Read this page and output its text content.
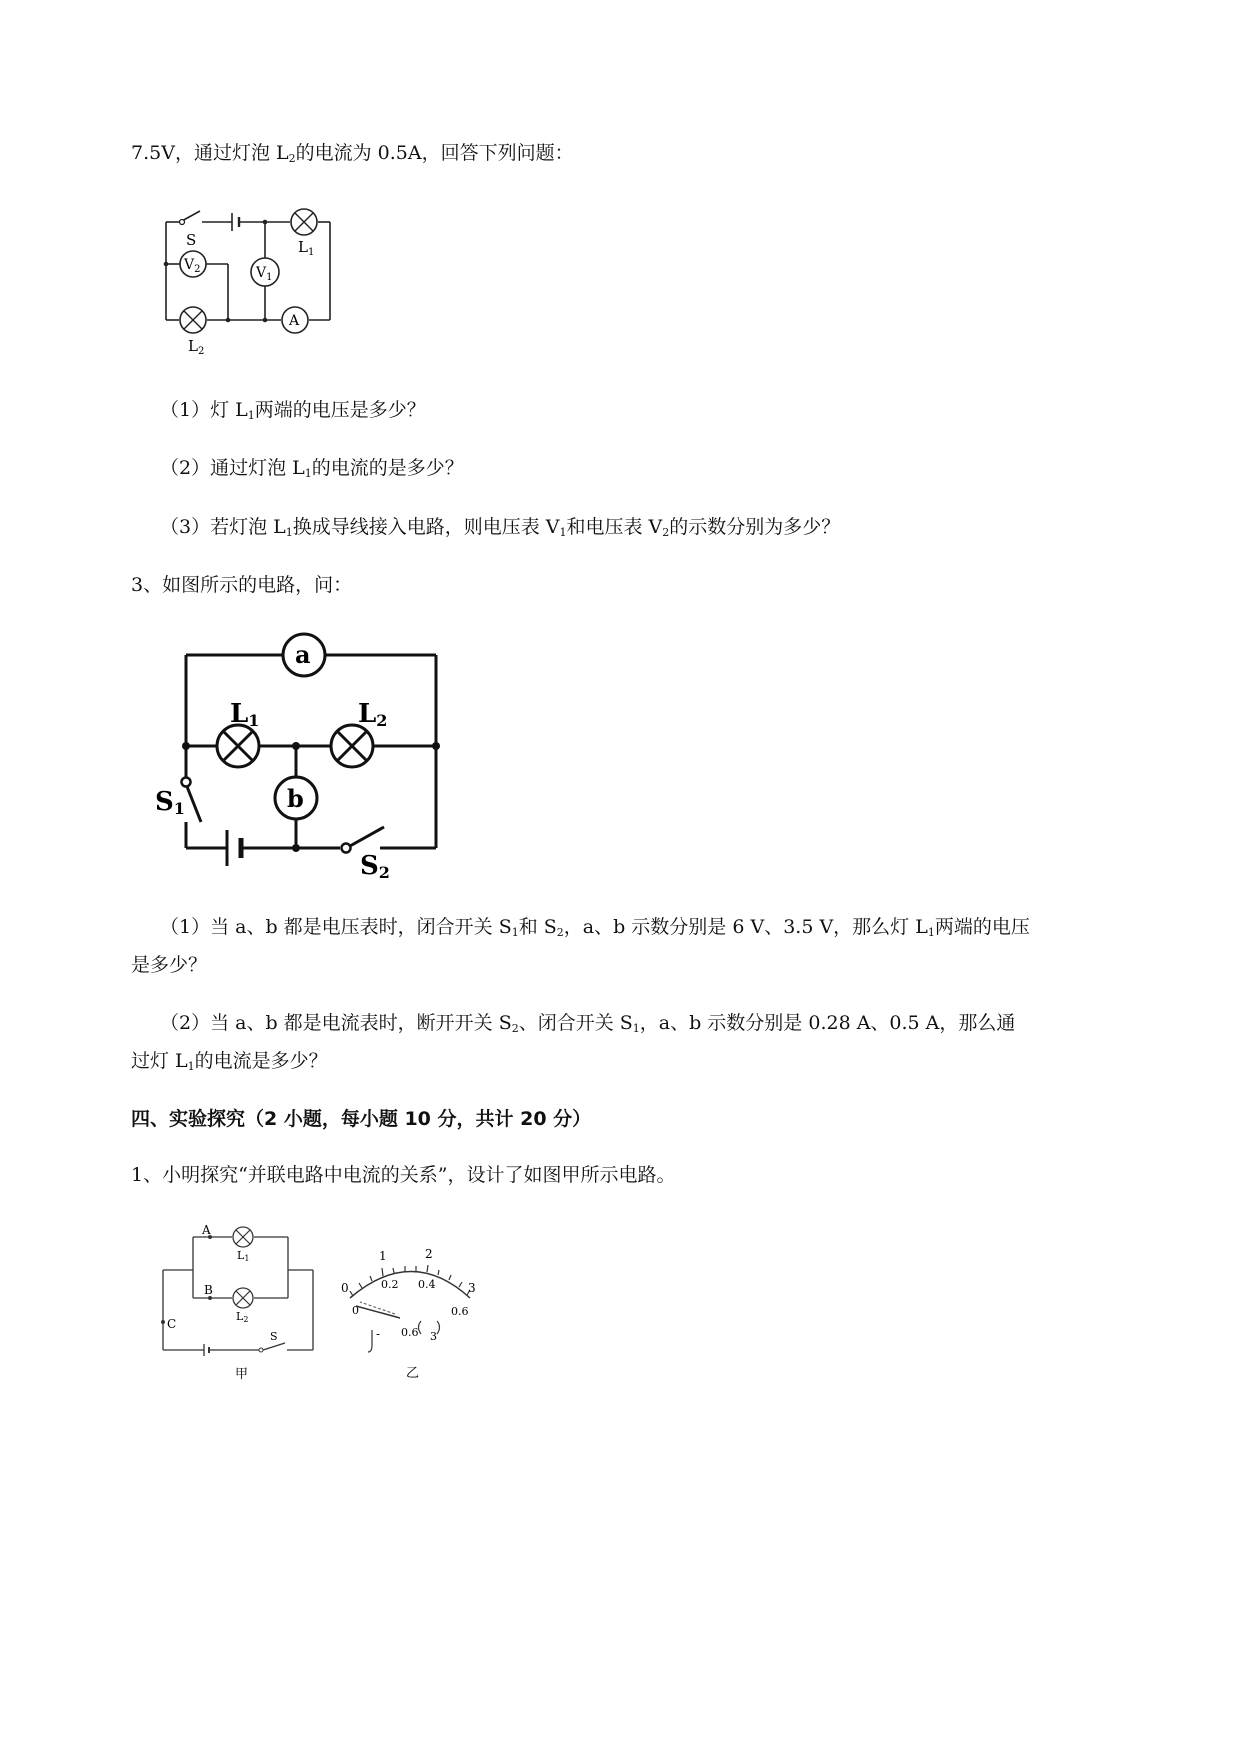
7.5V，通过灯泡 $L_2$的电流为 0.5A，回答下列问题：
S
$V_2$	$V_1$
A
$L_1$
$L_2$
（1）灯 $L_1$两端的电压是多少？
（2）通过灯泡 $L_1$的电流的是多少？
（3）若灯泡 $L_1$换成导线接入电路，则电压表 $V_1$和电压表 $V_2$的示数分别为多少？
3、如图所示的电路，问：
a
b
L1	L2
S1
S2
（1）当 a、b 都是电压表时，闭合开关 $S_1$和 $S_2$，a、b 示数分别是 6 V、3.5 V，那么灯 $L_1$两端的电压
是多少？
（2）当 a、b 都是电流表时，断开开关 $S_2$、闭合开关 $S_1$，a、b 示数分别是 0.28 A、0.5 A，那么通
过灯 $L_1$的电流是多少？
四、实验探究（2 小题，每小题 10 分，共计 20 分）
1、小明探究“并联电路中电流的关系”，设计了如图甲所示电路。
A
B
C
S
L1
L2
甲
0
1	2
3
0
0.2 0.4
0.6
- 0.6 3
乙
